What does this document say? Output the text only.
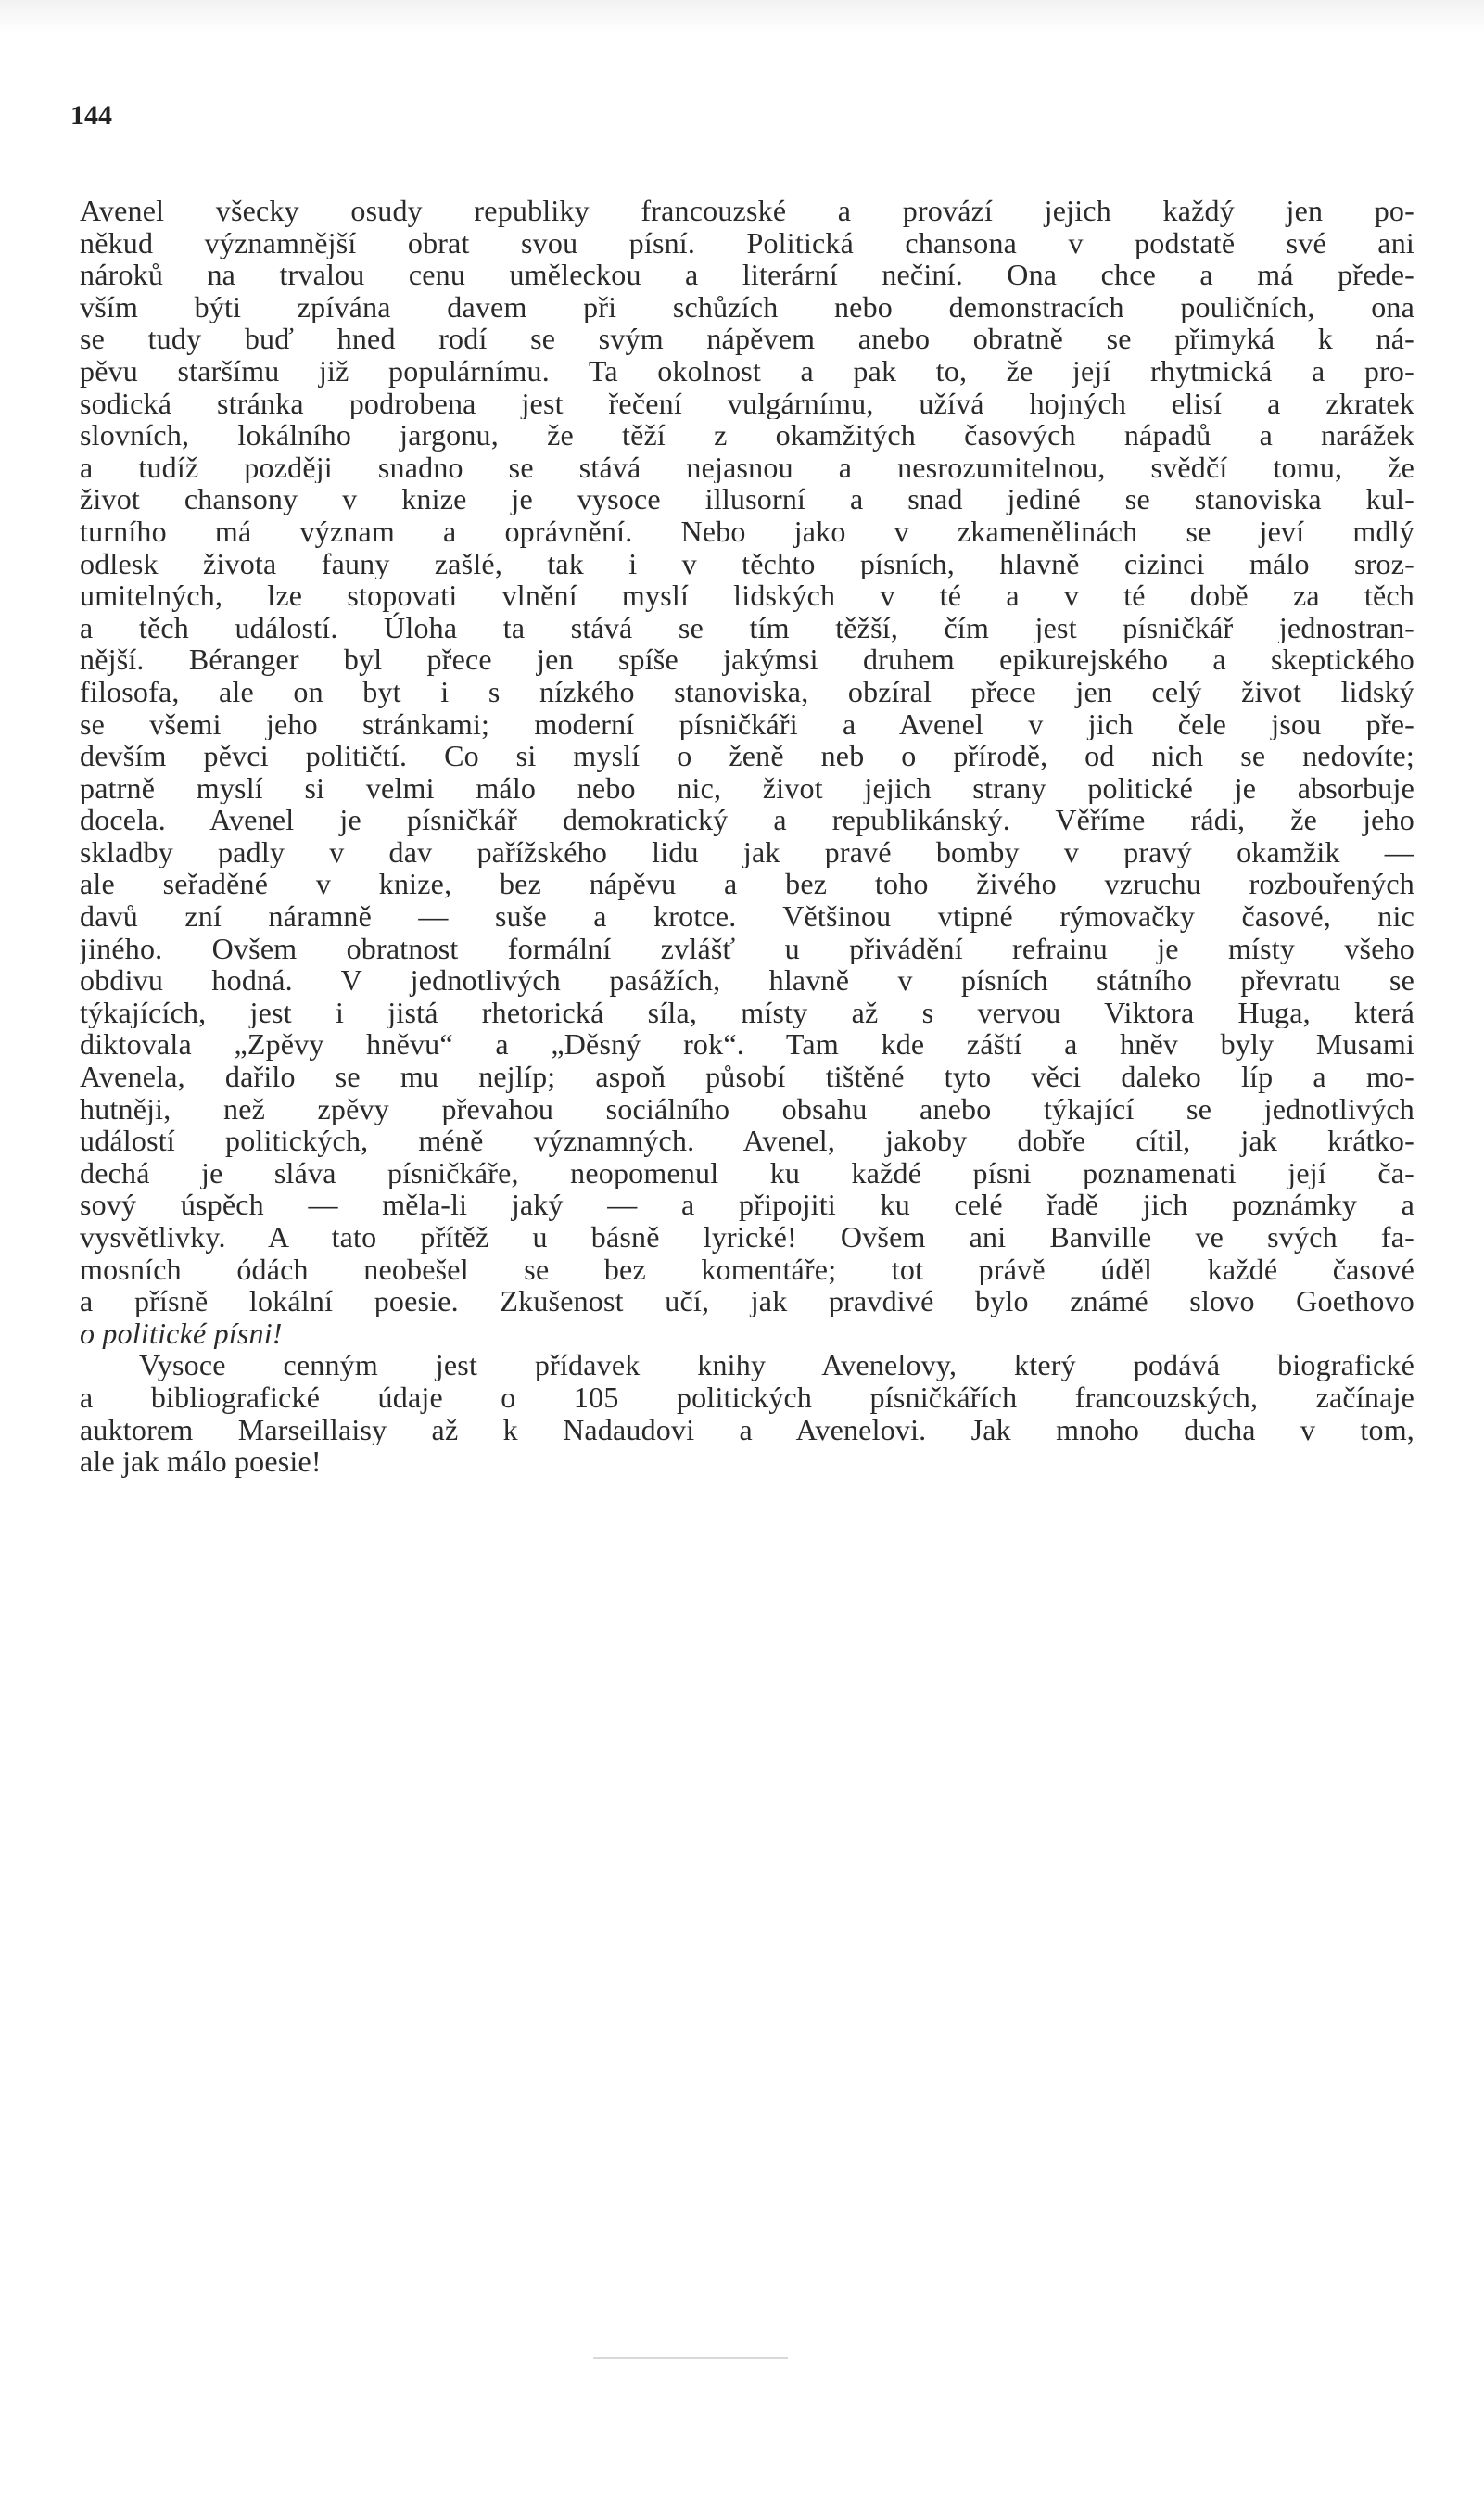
144
Avenel všecky osudy republiky francouzské a provází jejich každý jen po-
někud významnější obrat svou písní. Politická chansona v podstatě své ani
nároků na trvalou cenu uměleckou a literární nečiní. Ona chce a má přede-
vším býti zpívána davem při schůzích nebo demonstracích pouličních, ona
se tudy buď hned rodí se svým nápěvem anebo obratně se přimyká k ná-
pěvu staršímu již populárnímu. Ta okolnost a pak to, že její rhytmická a pro-
sodická stránka podrobena jest řečení vulgárnímu, užívá hojných elisí a zkratek
slovních, lokálního jargonu, že těží z okamžitých časových nápadů a narážek
a tudíž později snadno se stává nejasnou a nesrozumitelnou, svědčí tomu, že
život chansony v knize je vysoce illusorní a snad jediné se stanoviska kul-
turního má význam a oprávnění. Nebo jako v zkamenělinách se jeví mdlý
odlesk života fauny zašlé, tak i v těchto písních, hlavně cizinci málo sroz-
umitelných, lze stopovati vlnění myslí lidských v té a v té době za těch
a těch událostí. Úloha ta stává se tím těžší, čím jest písničkář jednostran-
nější. Béranger byl přece jen spíše jakýmsi druhem epikurejského a skeptického
filosofa, ale on byt i s nízkého stanoviska, obzíral přece jen celý život lidský
se všemi jeho stránkami; moderní písničkáři a Avenel v jich čele jsou pře-
devším pěvci političtí. Co si myslí o ženě neb o přírodě, od nich se nedovíte;
patrně myslí si velmi málo nebo nic, život jejich strany politické je absorbuje
docela. Avenel je písničkář demokratický a republikánský. Věříme rádi, že jeho
skladby padly v dav pařížského lidu jak pravé bomby v pravý okamžik —
ale seřaděné v knize, bez nápěvu a bez toho živého vzruchu rozbouřených
davů zní náramně — suše a krotce. Většinou vtipné rýmovačky časové, nic
jiného. Ovšem obratnost formální zvlášť u přivádění refrainu je místy všeho
obdivu hodná. V jednotlivých pasážích, hlavně v písních státního převratu se
týkajících, jest i jistá rhetorická síla, místy až s vervou Viktora Huga, která
diktovala „Zpěvy hněvu“ a „Děsný rok“. Tam kde záští a hněv byly Musami
Avenela, dařilo se mu nejlíp; aspoň působí tištěné tyto věci daleko líp a mo-
hutněji, než zpěvy převahou sociálního obsahu anebo týkající se jednotlivých
událostí politických, méně významných. Avenel, jakoby dobře cítil, jak krátko-
dechá je sláva písničkáře, neopomenul ku každé písni poznamenati její ča-
sový úspěch — měla-li jaký — a připojiti ku celé řadě jich poznámky a
vysvětlivky. A tato přítěž u básně lyrické! Ovšem ani Banville ve svých fa-
mosních ódách neobešel se bez komentáře; tot právě úděl každé časové
a přísně lokální poesie. Zkušenost učí, jak pravdivé bylo známé slovo Goethovo
o politické písni!
Vysoce cenným jest přídavek knihy Avenelovy, který podává biografické
a bibliografické údaje o 105 politických písničkářích francouzských, začínaje
auktorem Marseillaisy až k Nadaudovi a Avenelovi. Jak mnoho ducha v tom,
ale jak málo poesie!
